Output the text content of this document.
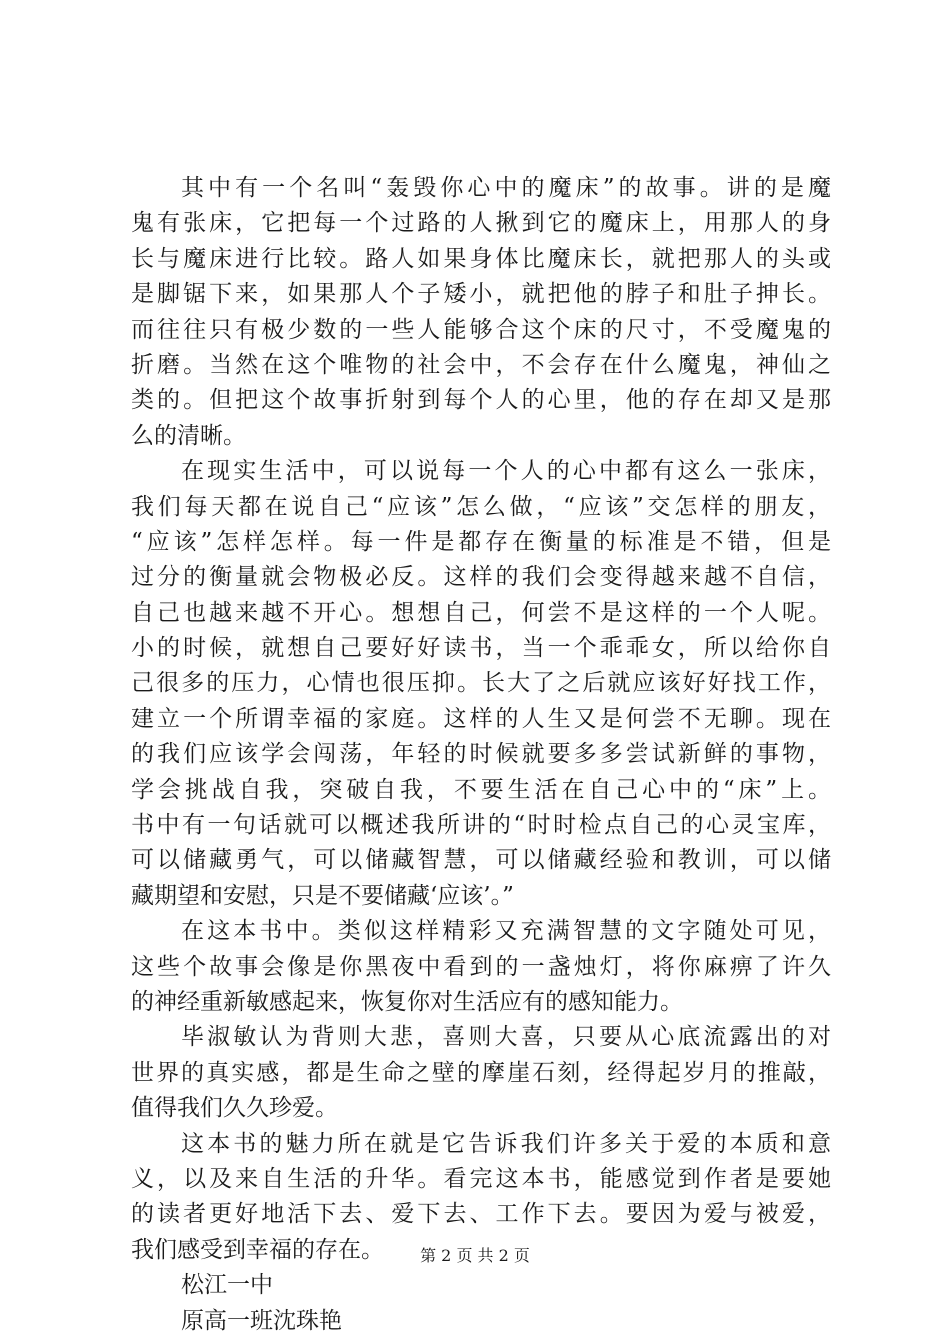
其中有一个名叫“轰毁你心中的魔床”的故事。讲的是魔
鬼有张床，它把每一个过路的人揪到它的魔床上，用那人的身
长与魔床进行比较。路人如果身体比魔床长，就把那人的头或
是脚锯下来，如果那人个子矮小，就把他的脖子和肚子抻长。
而往往只有极少数的一些人能够合这个床的尺寸，不受魔鬼的
折磨。当然在这个唯物的社会中，不会存在什么魔鬼，神仙之
类的。但把这个故事折射到每个人的心里，他的存在却又是那
么的清晰。
在现实生活中，可以说每一个人的心中都有这么一张床，
我们每天都在说自己“应该”怎么做，“应该”交怎样的朋友，
“应该”怎样怎样。每一件是都存在衡量的标准是不错，但是
过分的衡量就会物极必反。这样的我们会变得越来越不自信，
自己也越来越不开心。想想自己，何尝不是这样的一个人呢。
小的时候，就想自己要好好读书，当一个乖乖女，所以给你自
己很多的压力，心情也很压抑。长大了之后就应该好好找工作，
建立一个所谓幸福的家庭。这样的人生又是何尝不无聊。现在
的我们应该学会闯荡，年轻的时候就要多多尝试新鲜的事物，
学会挑战自我，突破自我，不要生活在自己心中的“床”上。
书中有一句话就可以概述我所讲的“时时检点自己的心灵宝库，
可以储藏勇气，可以储藏智慧，可以储藏经验和教训，可以储
藏期望和安慰，只是不要储藏‘应该’。”
在这本书中。类似这样精彩又充满智慧的文字随处可见，
这些个故事会像是你黑夜中看到的一盏烛灯，将你麻痹了许久
的神经重新敏感起来，恢复你对生活应有的感知能力。
毕淑敏认为背则大悲，喜则大喜，只要从心底流露出的对
世界的真实感，都是生命之壁的摩崖石刻，经得起岁月的推敲，
值得我们久久珍爱。
这本书的魅力所在就是它告诉我们许多关于爱的本质和意
义，以及来自生活的升华。看完这本书，能感觉到作者是要她
的读者更好地活下去、爱下去、工作下去。要因为爱与被爱，
我们感受到幸福的存在。
松江一中
原高一班沈珠艳
第 2 页 共 2 页
